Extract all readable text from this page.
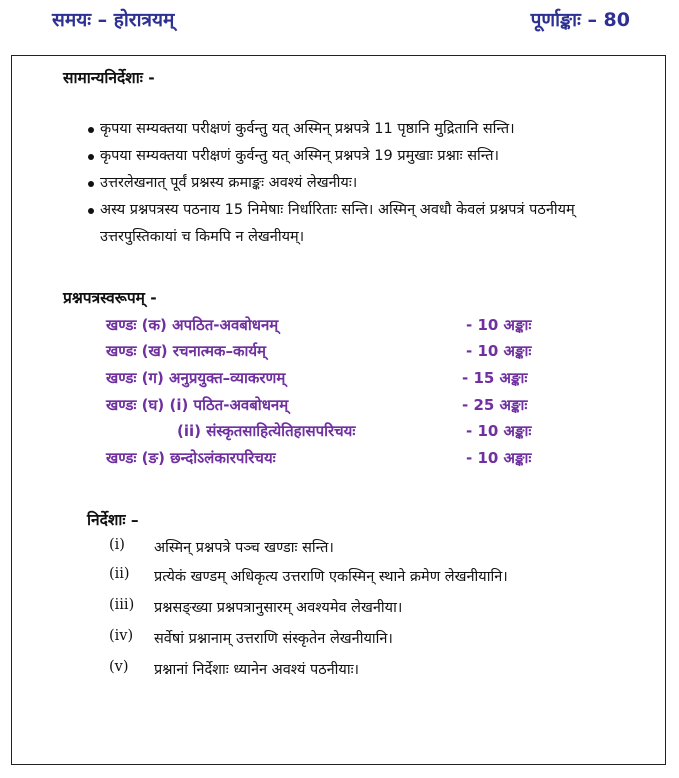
समयः – होरात्रयम्	पूर्णाङ्काः – 80
सामान्यनिर्देशाः -
कृपया सम्यक्तया परीक्षणं कुर्वन्तु यत् अस्मिन् प्रश्नपत्रे 11 पृष्ठानि मुद्रितानि सन्ति।
कृपया सम्यक्तया परीक्षणं कुर्वन्तु यत् अस्मिन् प्रश्नपत्रे 19 प्रमुखाः प्रश्नाः सन्ति।
उत्तरलेखनात् पूर्वं प्रश्नस्य क्रमाङ्कः अवश्यं लेखनीयः।
अस्य प्रश्नपत्रस्य पठनाय 15 निमेषाः निर्धारिताः सन्ति। अस्मिन् अवधौ केवलं प्रश्नपत्रं पठनीयम् उत्तरपुस्तिकायां च किमपि न लेखनीयम्।
प्रश्नपत्रस्वरूपम् -
खण्डः (क) अपठित-अवबोधनम्	- 10 अङ्काः
खण्डः (ख) रचनात्मक–कार्यम्	- 10 अङ्काः
खण्डः (ग) अनुप्रयुक्त–व्याकरणम्	- 15 अङ्काः
खण्डः (घ) (i) पठित-अवबोधनम्	- 25 अङ्काः
(ii) संस्कृतसाहित्येतिहासपरिचयः	- 10 अङ्काः
खण्डः (ङ) छन्दोऽलंकारपरिचयः	- 10 अङ्काः
निर्देशाः –
(i) अस्मिन् प्रश्नपत्रे पञ्च खण्डाः सन्ति।
(ii) प्रत्येकं खण्डम् अधिकृत्य उत्तराणि एकस्मिन् स्थाने क्रमेण लेखनीयानि।
(iii) प्रश्नसङ्ख्या प्रश्नपत्रानुसारम् अवश्यमेव लेखनीया।
(iv) सर्वेषां प्रश्नानाम् उत्तराणि संस्कृतेन लेखनीयानि।
(v) प्रश्नानां निर्देशाः ध्यानेन अवश्यं पठनीयाः।
